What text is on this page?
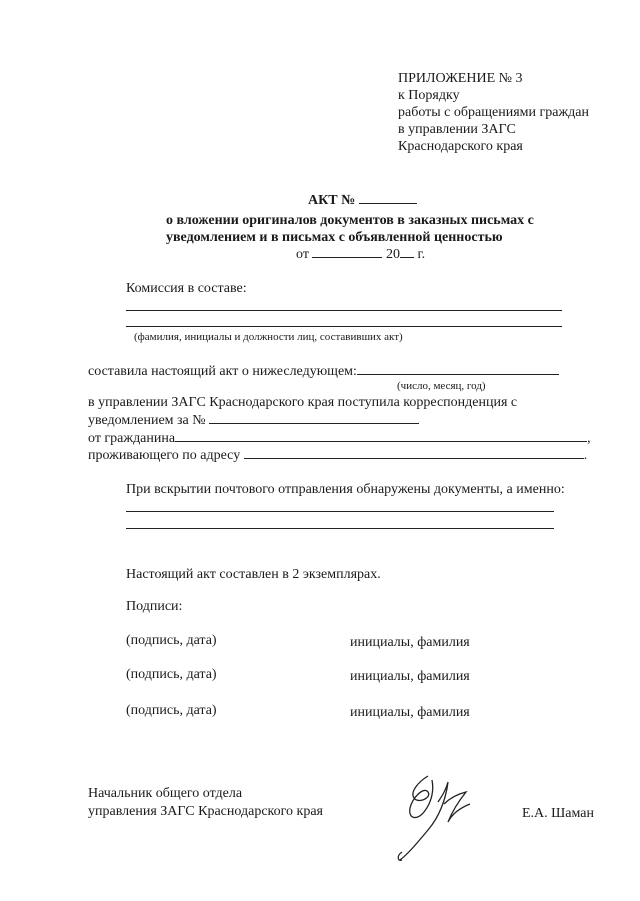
ПРИЛОЖЕНИЕ № 3
к Порядку
работы с обращениями граждан
в управлении ЗАГС
Краснодарского края
АКТ №
о вложении оригиналов документов в заказных письмах с
уведомлением и в письмах с объявленной ценностью
от	20 г.
Комиссия в составе:
(фамилия, инициалы и должности лиц, составивших акт)
составила настоящий акт о нижеследующем:
(число, месяц, год)
в управлении ЗАГС Краснодарского края поступила корреспонденция с
уведомлением за №
от гражданина	,
проживающего по адресу	.
При вскрытии почтового отправления обнаружены документы, а именно:
Настоящий акт составлен в 2 экземплярах.
Подписи:
(подпись, дата)	инициалы, фамилия
(подпись, дата)	инициалы, фамилия
(подпись, дата)	инициалы, фамилия
Начальник общего отдела
управления ЗАГС Краснодарского края	Е.А. Шаман
